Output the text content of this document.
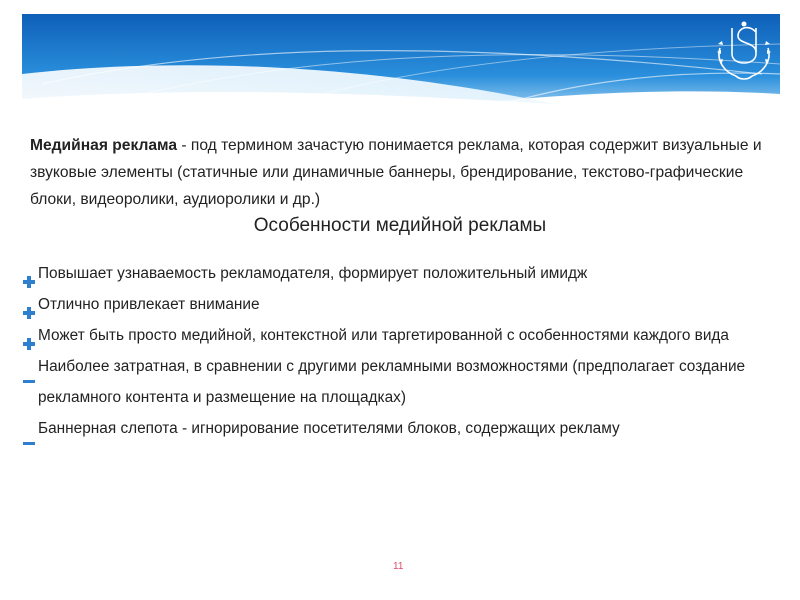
Медийная реклама - под термином зачастую понимается реклама, которая содержит визуальные и звуковые элементы (статичные или динамичные баннеры, брендирование, текстово-графические блоки, видеоролики, аудиоролики и др.)
Особенности медийной рекламы
Повышает узнаваемость рекламодателя, формирует положительный имидж
Отлично привлекает внимание
Может быть просто медийной, контекстной или таргетированной с особенностями каждого вида
Наиболее затратная, в сравнении с другими рекламными возможностями (предполагает создание рекламного контента и размещение на площадках)
Баннерная слепота - игнорирование посетителями блоков, содержащих рекламу
11
